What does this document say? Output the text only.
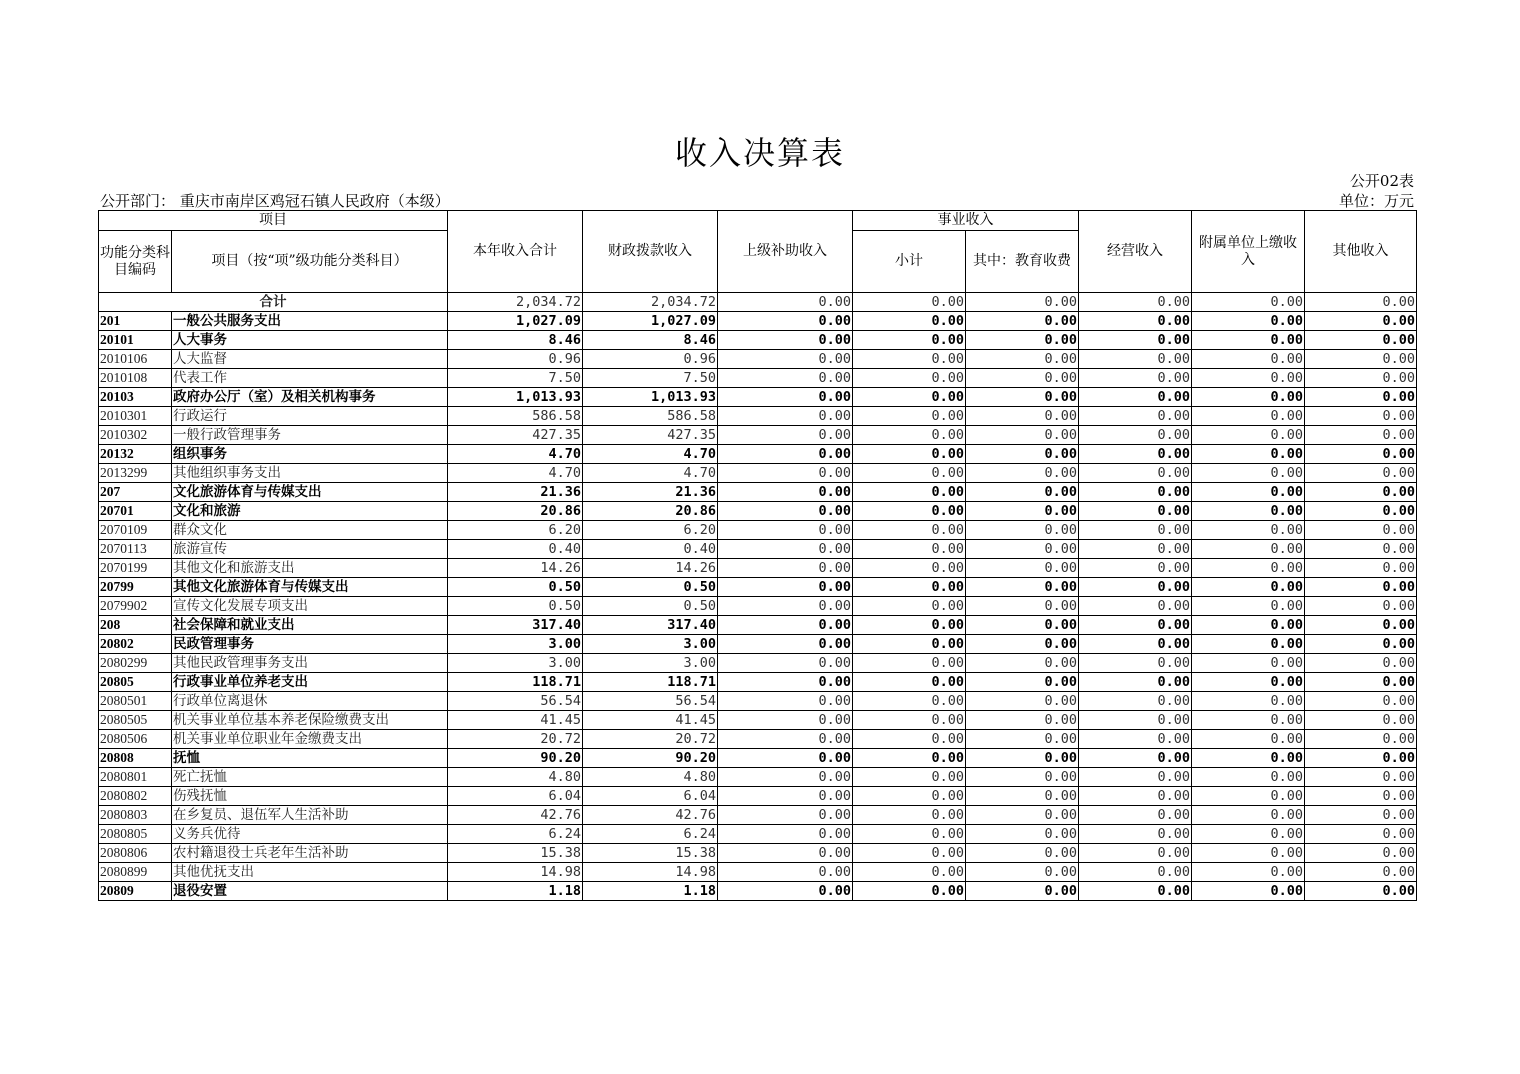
收入决算表
公开02表
公开部门： 重庆市南岸区鸡冠石镇人民政府（本级）	单位：万元
项目		本年收入合计	财政拨款收入	上级补助收入	事业收入		经营收入	附属单位上缴收入	其他收入
功能分类科目编码	项目（按“项”级功能分类科目）				小计	其中：教育收费			
合计		2,034.72	2,034.72	0.00	0.00	0.00	0.00	0.00	0.00
201	一般公共服务支出	1,027.09	1,027.09	0.00	0.00	0.00	0.00	0.00	0.00
20101	人大事务	8.46	8.46	0.00	0.00	0.00	0.00	0.00	0.00
2010106	人大监督	0.96	0.96	0.00	0.00	0.00	0.00	0.00	0.00
2010108	代表工作	7.50	7.50	0.00	0.00	0.00	0.00	0.00	0.00
20103	政府办公厅（室）及相关机构事务	1,013.93	1,013.93	0.00	0.00	0.00	0.00	0.00	0.00
2010301	行政运行	586.58	586.58	0.00	0.00	0.00	0.00	0.00	0.00
2010302	一般行政管理事务	427.35	427.35	0.00	0.00	0.00	0.00	0.00	0.00
20132	组织事务	4.70	4.70	0.00	0.00	0.00	0.00	0.00	0.00
2013299	其他组织事务支出	4.70	4.70	0.00	0.00	0.00	0.00	0.00	0.00
207	文化旅游体育与传媒支出	21.36	21.36	0.00	0.00	0.00	0.00	0.00	0.00
20701	文化和旅游	20.86	20.86	0.00	0.00	0.00	0.00	0.00	0.00
2070109	群众文化	6.20	6.20	0.00	0.00	0.00	0.00	0.00	0.00
2070113	旅游宣传	0.40	0.40	0.00	0.00	0.00	0.00	0.00	0.00
2070199	其他文化和旅游支出	14.26	14.26	0.00	0.00	0.00	0.00	0.00	0.00
20799	其他文化旅游体育与传媒支出	0.50	0.50	0.00	0.00	0.00	0.00	0.00	0.00
2079902	宣传文化发展专项支出	0.50	0.50	0.00	0.00	0.00	0.00	0.00	0.00
208	社会保障和就业支出	317.40	317.40	0.00	0.00	0.00	0.00	0.00	0.00
20802	民政管理事务	3.00	3.00	0.00	0.00	0.00	0.00	0.00	0.00
2080299	其他民政管理事务支出	3.00	3.00	0.00	0.00	0.00	0.00	0.00	0.00
20805	行政事业单位养老支出	118.71	118.71	0.00	0.00	0.00	0.00	0.00	0.00
2080501	行政单位离退休	56.54	56.54	0.00	0.00	0.00	0.00	0.00	0.00
2080505	机关事业单位基本养老保险缴费支出	41.45	41.45	0.00	0.00	0.00	0.00	0.00	0.00
2080506	机关事业单位职业年金缴费支出	20.72	20.72	0.00	0.00	0.00	0.00	0.00	0.00
20808	抚恤	90.20	90.20	0.00	0.00	0.00	0.00	0.00	0.00
2080801	死亡抚恤	4.80	4.80	0.00	0.00	0.00	0.00	0.00	0.00
2080802	伤残抚恤	6.04	6.04	0.00	0.00	0.00	0.00	0.00	0.00
2080803	在乡复员、退伍军人生活补助	42.76	42.76	0.00	0.00	0.00	0.00	0.00	0.00
2080805	义务兵优待	6.24	6.24	0.00	0.00	0.00	0.00	0.00	0.00
2080806	农村籍退役士兵老年生活补助	15.38	15.38	0.00	0.00	0.00	0.00	0.00	0.00
2080899	其他优抚支出	14.98	14.98	0.00	0.00	0.00	0.00	0.00	0.00
20809	退役安置	1.18	1.18	0.00	0.00	0.00	0.00	0.00	0.00
